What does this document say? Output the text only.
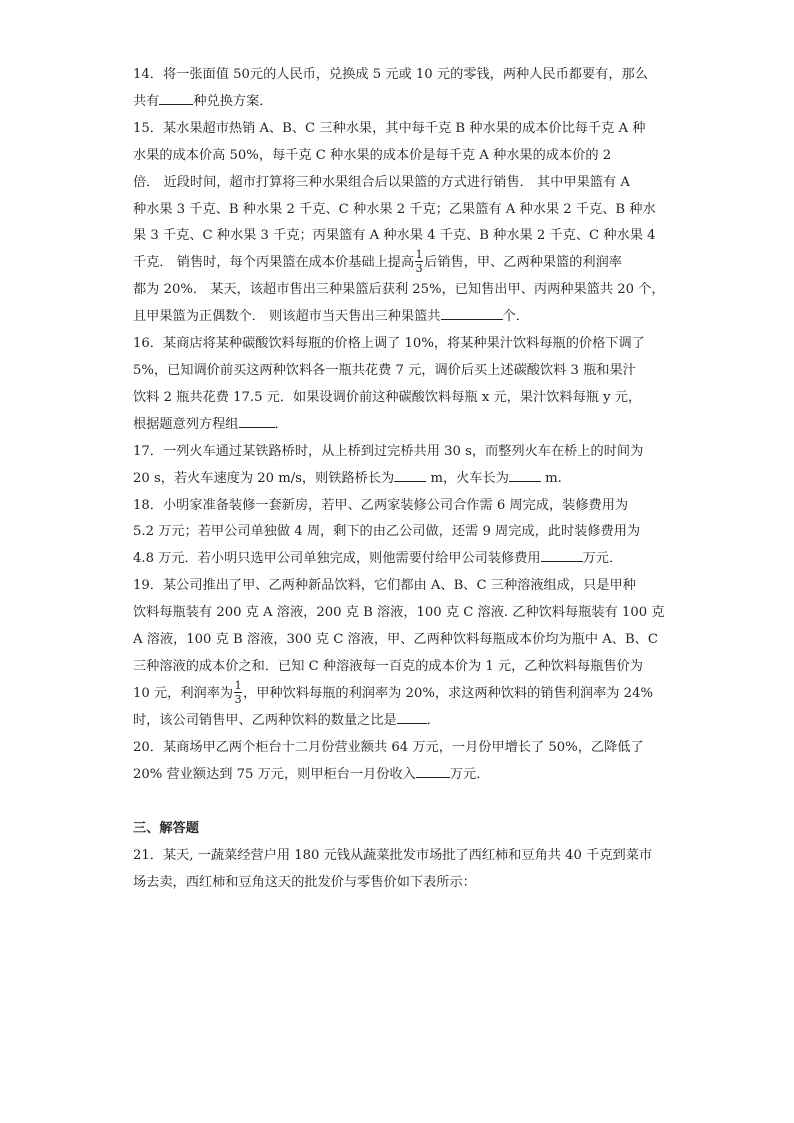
14．将一张面值 50元的人民币，兑换成 5 元或 10 元的零钱，两种人民币都要有，那么

共有	种兑换方案．

15．某水果超市热销 A、B、C 三种水果，其中每千克 B 种水果的成本价比每千克 A 种

水果的成本价高 50%，每千克 C 种水果的成本价是每千克 A 种水果的成本价的 2

倍． 近段时间，超市打算将三种水果组合后以果篮的方式进行销售． 其中甲果篮有 A

种水果 3 千克、B 种水果 2 千克、C 种水果 2 千克；乙果篮有 A 种水果 2 千克、B 种水

果 3 千克、C 种水果 3 千克；丙果篮有 A 种水果 4 千克、B 种水果 2 千克、C 种水果 4

千克． 销售时，每个丙果篮在成本价基础上提高 $\frac{1}{3}$ 后销售，甲、乙两种果篮的利润率

都为 20%． 某天，该超市售出三种果篮后获利 25%，已知售出甲、丙两种果篮共 20 个，

且甲果篮为正偶数个． 则该超市当天售出三种果篮共	个．

16．某商店将某种碳酸饮料每瓶的价格上调了 10%，将某种果汁饮料每瓶的价格下调了

5%，已知调价前买这两种饮料各一瓶共花费 7 元，调价后买上述碳酸饮料 3 瓶和果汁

饮料 2 瓶共花费 17.5 元．如果设调价前这种碳酸饮料每瓶 x 元，果汁饮料每瓶 y 元，

根据题意列方程组	．

17．一列火车通过某铁路桥时，从上桥到过完桥共用 30 s，而整列火车在桥上的时间为

20 s，若火车速度为 20 m/s，则铁路桥长为 m，火车长为 m.

18．小明家准备装修一套新房，若甲、乙两家装修公司合作需 6 周完成，装修费用为

5.2 万元；若甲公司单独做 4 周，剩下的由乙公司做，还需 9 周完成，此时装修费用为

4.8 万元．若小明只选甲公司单独完成，则他需要付给甲公司装修费用	万元．

19．某公司推出了甲、乙两种新品饮料，它们都由 A、B、C 三种溶液组成，只是甲种

饮料每瓶装有 200 克 A 溶液，200 克 B 溶液，100 克 C 溶液. 乙种饮料每瓶装有 100 克

A 溶液，100 克 B 溶液，300 克 C 溶液，甲、乙两种饮料每瓶成本价均为瓶中 A、B、C

三种溶液的成本价之和．已知 C 种溶液每一百克的成本价为 1 元，乙种饮料每瓶售价为

10 元，利润率为 $\frac{1}{3}$ ，甲种饮料每瓶的利润率为 20%，求这两种饮料的销售利润率为 24%

时，该公司销售甲、乙两种饮料的数量之比是 ．

20．某商场甲乙两个柜台十二月份营业额共 64 万元，一月份甲增长了 50%，乙降低了

20% 营业额达到 75 万元，则甲柜台一月份收入	万元．

三、解答题

21．某天, 一蔬菜经营户用 180 元钱从蔬菜批发市场批了西红柿和豆角共 40 千克到菜市

场去卖，西红柿和豆角这天的批发价与零售价如下表所示：
